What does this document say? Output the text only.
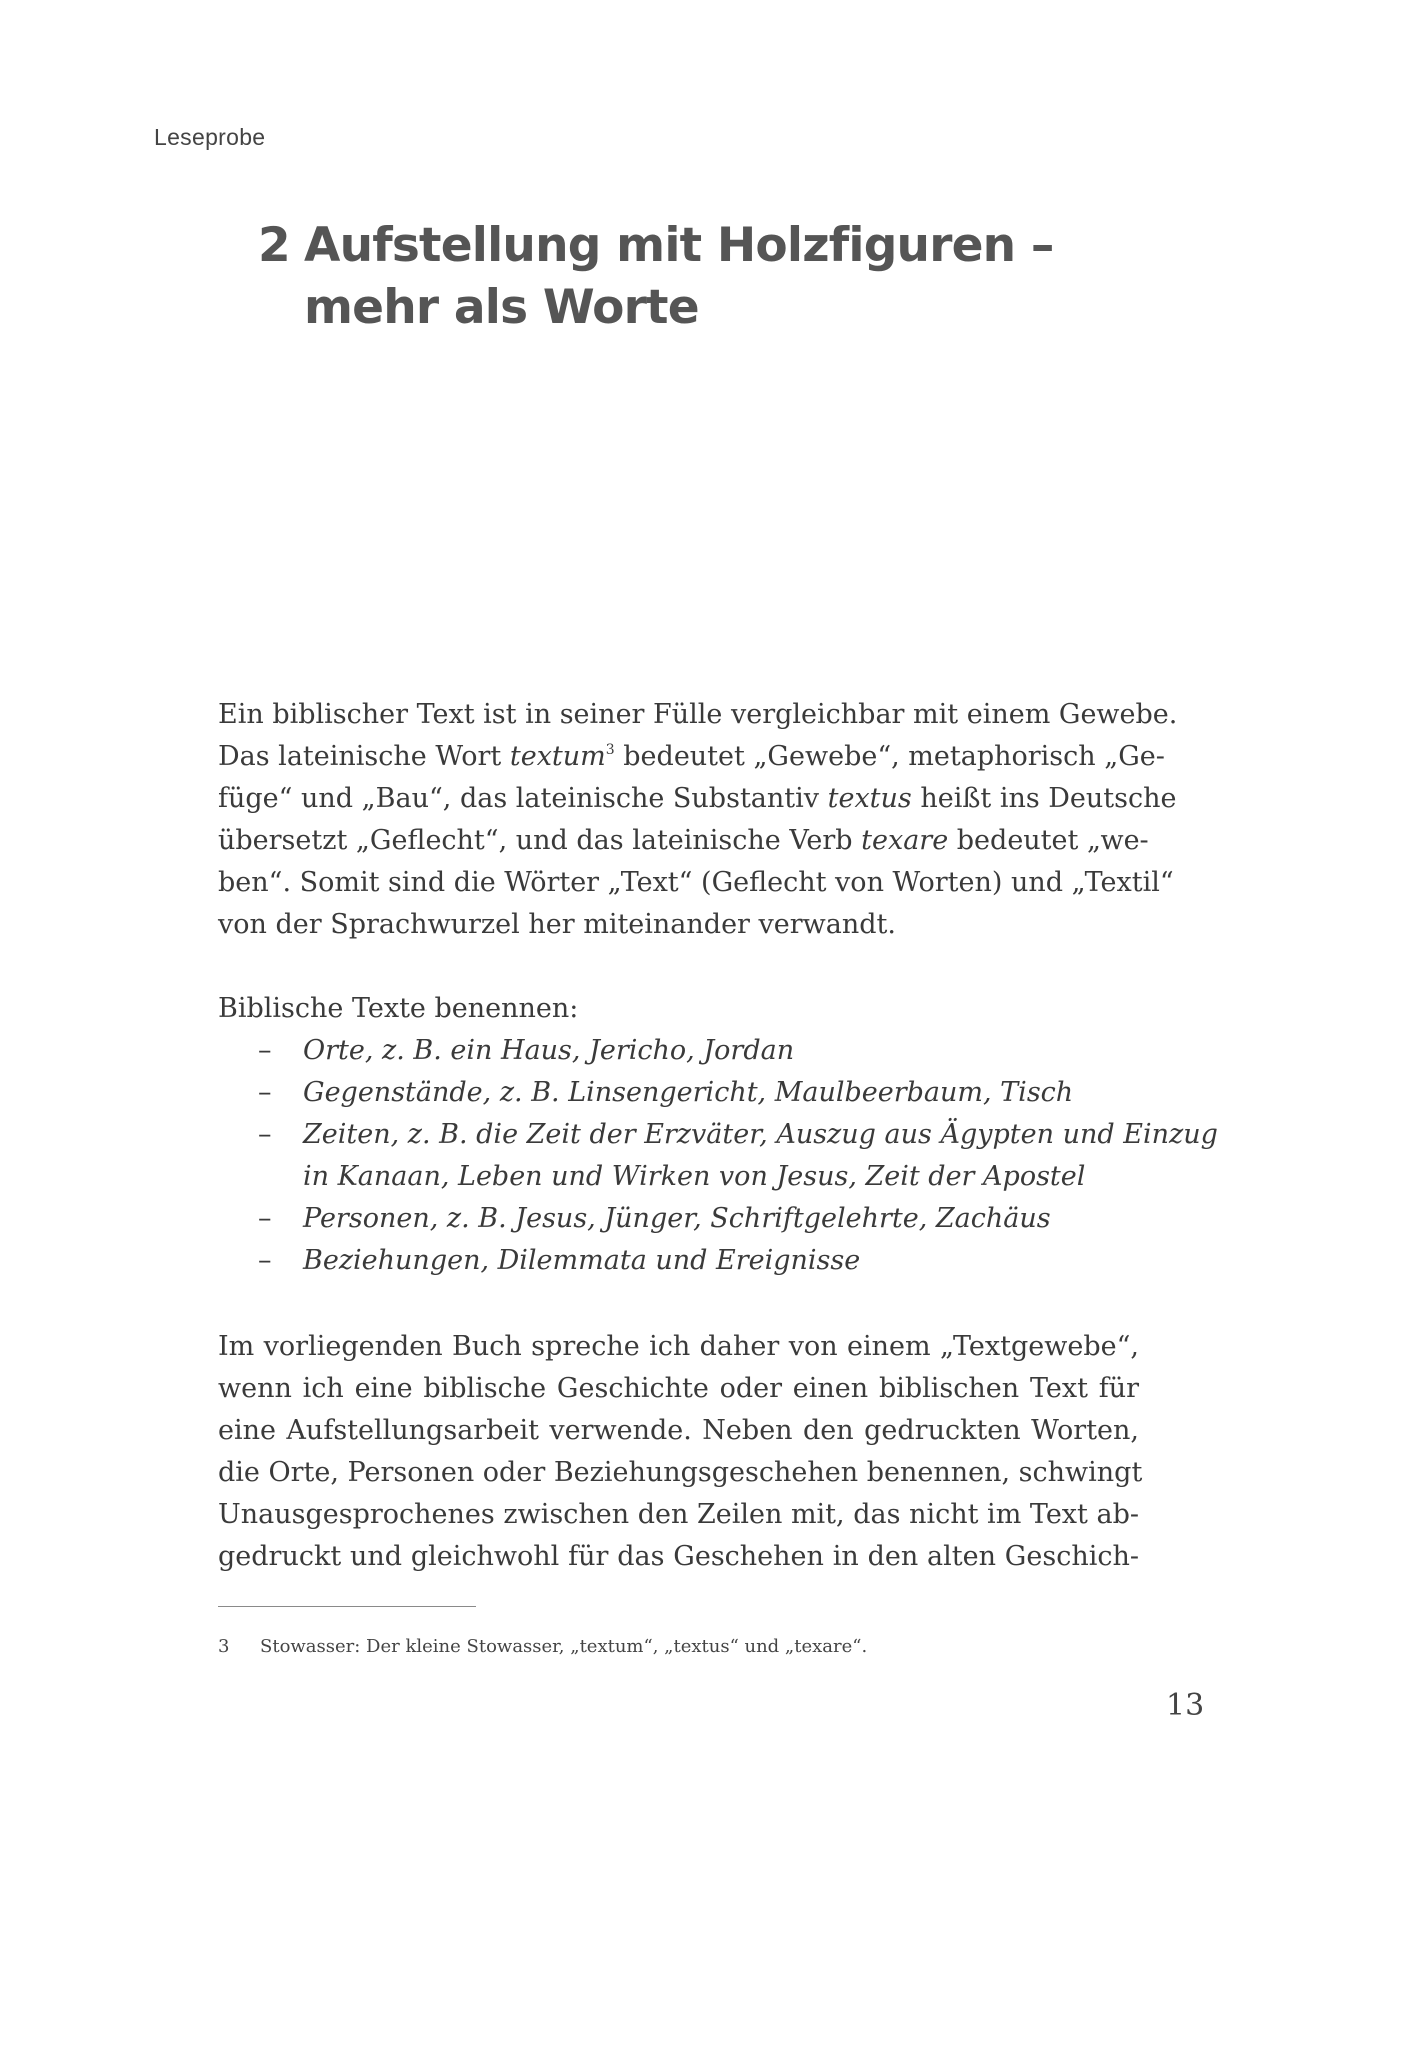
Leseprobe
2 Aufstellung mit Holzfiguren –
mehr als Worte
Ein biblischer Text ist in seiner Fülle vergleichbar mit einem Gewebe.
Das lateinische Wort textum$^3$ bedeutet „Gewebe“, metaphorisch „Ge-
füge“ und „Bau“, das lateinische Substantiv textus heißt ins Deutsche
übersetzt „Geflecht“, und das lateinische Verb texare bedeutet „we-
ben“. Somit sind die Wörter „Text“ (Geflecht von Worten) und „Textil“
von der Sprachwurzel her miteinander verwandt.
Biblische Texte benennen:
– Orte, z. B. ein Haus, Jericho, Jordan
– Gegenstände, z. B. Linsengericht, Maulbeerbaum, Tisch
– Zeiten, z. B. die Zeit der Erzväter, Auszug aus Ägypten und Einzug
in Kanaan, Leben und Wirken von Jesus, Zeit der Apostel
– Personen, z. B. Jesus, Jünger, Schriftgelehrte, Zachäus
– Beziehungen, Dilemmata und Ereignisse
Im vorliegenden Buch spreche ich daher von einem „Textgewebe“,
wenn ich eine biblische Geschichte oder einen biblischen Text für
eine Aufstellungsarbeit verwende. Neben den gedruckten Worten,
die Orte, Personen oder Beziehungsgeschehen benennen, schwingt
Unausgesprochenes zwischen den Zeilen mit, das nicht im Text ab-
gedruckt und gleichwohl für das Geschehen in den alten Geschich-
3 Stowasser: Der kleine Stowasser, „textum“, „textus“ und „texare“.
13
